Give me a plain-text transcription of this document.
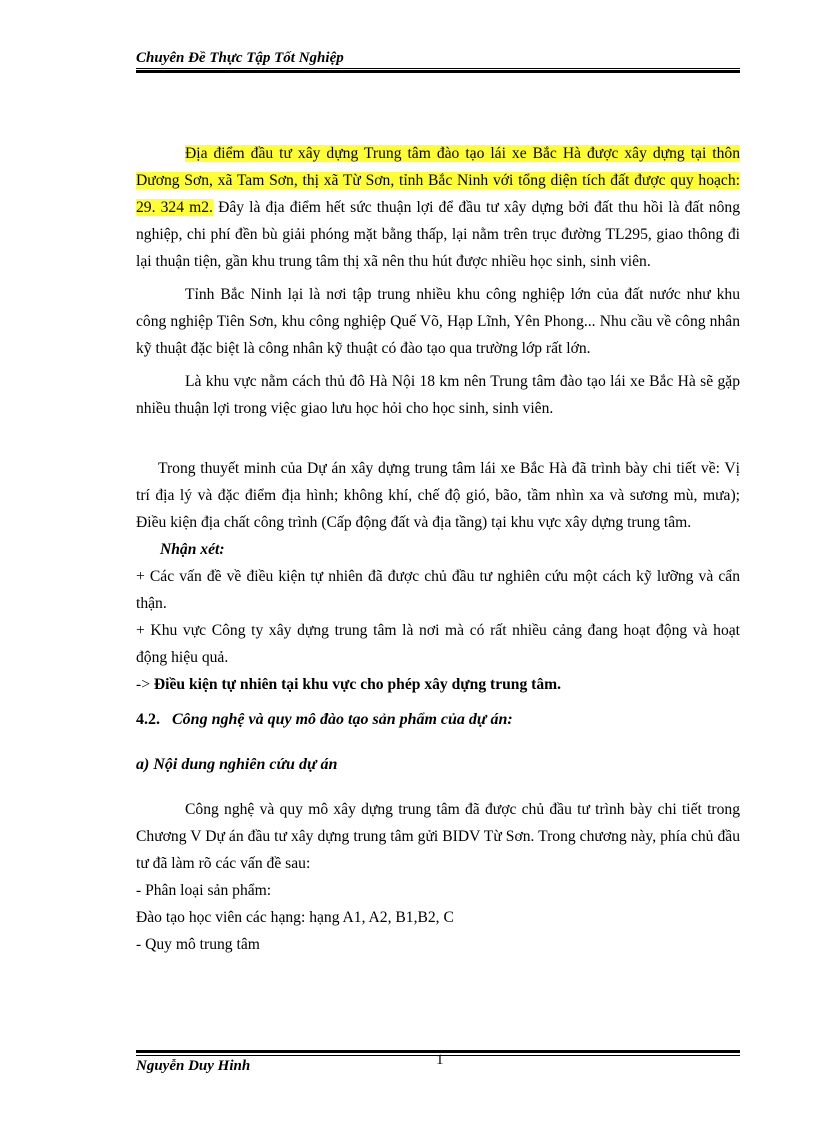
Chuyên Đề Thực Tập Tốt Nghiệp

Địa điểm đầu tư xây dựng Trung tâm đào tạo lái xe Bắc Hà được xây dựng tại thôn Dương Sơn, xã Tam Sơn, thị xã Từ Sơn, tỉnh Bắc Ninh với tổng diện tích đất được quy hoạch: 29. 324 m2. Đây là địa điểm hết sức thuận lợi để đầu tư xây dựng bởi đất thu hồi là đất nông nghiệp, chi phí đền bù giải phóng mặt bằng thấp, lại nằm trên trục đường TL295, giao thông đi lại thuận tiện, gần khu trung tâm thị xã nên thu hút được nhiều học sinh, sinh viên.

Tỉnh Bắc Ninh lại là nơi tập trung nhiều khu công nghiệp lớn của đất nước như khu công nghiệp Tiên Sơn, khu công nghiệp Quế Võ, Hạp Lĩnh, Yên Phong... Nhu cầu về công nhân kỹ thuật đặc biệt là công nhân kỹ thuật có đào tạo qua trường lớp rất lớn.

Là khu vực nằm cách thủ đô Hà Nội 18 km nên Trung tâm đào tạo lái xe Bắc Hà sẽ gặp nhiều thuận lợi trong việc giao lưu học hỏi cho học sinh, sinh viên.

Trong thuyết minh của Dự án xây dựng trung tâm lái xe Bắc Hà đã trình bày chi tiết về: Vị trí địa lý và đặc điểm địa hình; không khí, chế độ gió, bão, tầm nhìn xa và sương mù, mưa); Điều kiện địa chất công trình (Cấp động đất và địa tầng) tại khu vực xây dựng trung tâm.

Nhận xét:

+ Các vấn đề về điều kiện tự nhiên đã được chủ đầu tư nghiên cứu một cách kỹ lưỡng và cẩn thận.

+ Khu vực Công ty xây dựng trung tâm là nơi mà có rất nhiều cảng đang hoạt động và hoạt động hiệu quả.

-> Điều kiện tự nhiên tại khu vực cho phép xây dựng trung tâm.

4.2. Công nghệ và quy mô đào tạo sản phẩm của dự án:

a) Nội dung nghiên cứu dự án

Công nghệ và quy mô xây dựng trung tâm đã được chủ đầu tư trình bày chi tiết trong Chương V Dự án đầu tư xây dựng trung tâm gửi BIDV Từ Sơn. Trong chương này, phía chủ đầu tư đã làm rõ các vấn đề sau:

- Phân loại sản phẩm:

Đào tạo học viên các hạng: hạng A1, A2, B1,B2, C

- Quy mô trung tâm

1
Nguyễn Duy Hinh
